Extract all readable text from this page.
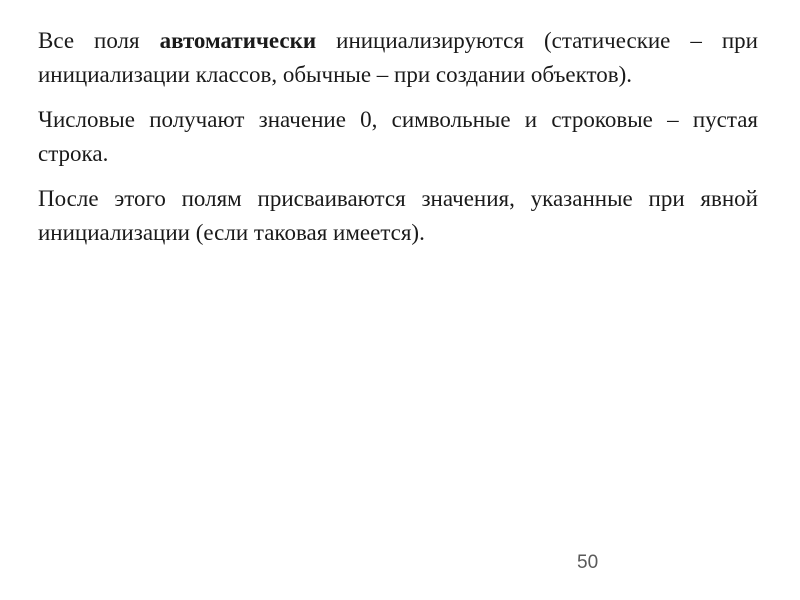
Все поля автоматически инициализируются (статические – при инициализации классов, обычные – при создании объектов).

Числовые получают значение 0, символьные и строковые – пустая строка.

После этого полям присваиваются значения, указанные при явной инициализации (если таковая имеется).

50
